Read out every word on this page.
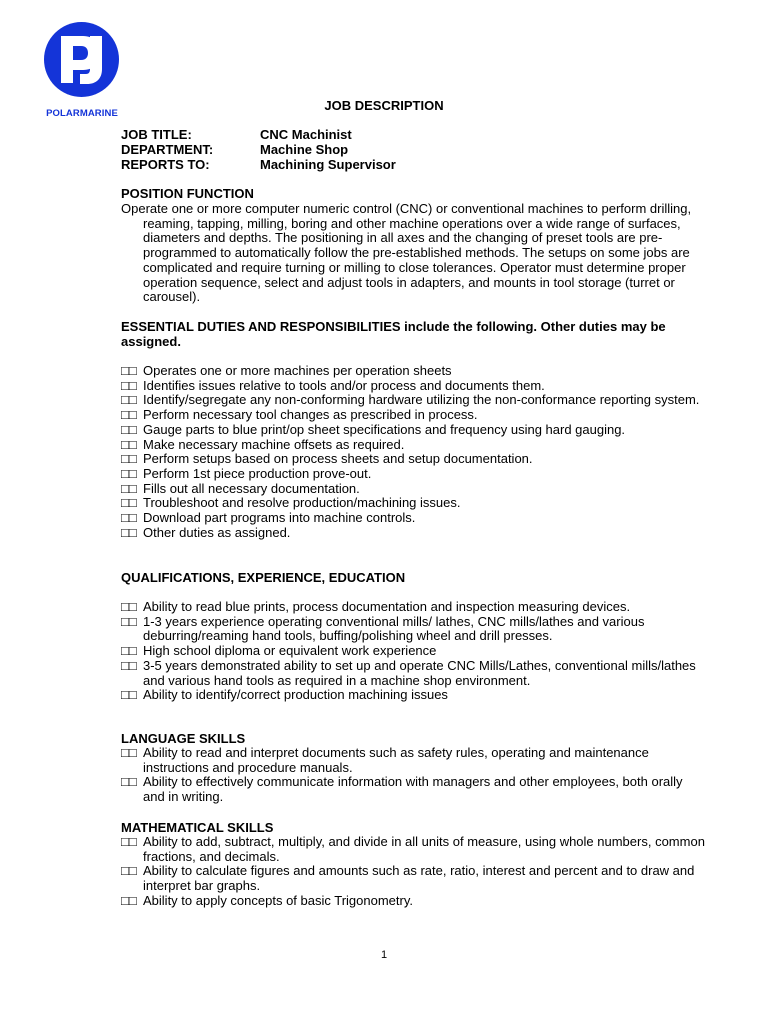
POLARMARINE
JOB DESCRIPTION
JOB TITLE:	CNC Machinist
DEPARTMENT:	Machine Shop
REPORTS TO:	Machining Supervisor
POSITION FUNCTION
Operate one or more computer numeric control (CNC) or conventional machines to perform drilling, reaming, tapping, milling, boring and other machine operations over a wide range of surfaces, diameters and depths. The positioning in all axes and the changing of preset tools are pre-programmed to automatically follow the pre-established methods. The setups on some jobs are complicated and require turning or milling to close tolerances. Operator must determine proper operation sequence, select and adjust tools in adapters, and mounts in tool storage (turret or carousel).
ESSENTIAL DUTIES AND RESPONSIBILITIES include the following. Other duties may be assigned.
□□ Operates one or more machines per operation sheets
□□ Identifies issues relative to tools and/or process and documents them.
□□ Identify/segregate any non-conforming hardware utilizing the non-conformance reporting system.
□□ Perform necessary tool changes as prescribed in process.
□□ Gauge parts to blue print/op sheet specifications and frequency using hard gauging.
□□ Make necessary machine offsets as required.
□□ Perform setups based on process sheets and setup documentation.
□□ Perform 1st piece production prove-out.
□□ Fills out all necessary documentation.
□□ Troubleshoot and resolve production/machining issues.
□□ Download part programs into machine controls.
□□ Other duties as assigned.
QUALIFICATIONS, EXPERIENCE, EDUCATION
□□ Ability to read blue prints, process documentation and inspection measuring devices.
□□ 1-3 years experience operating conventional mills/ lathes, CNC mills/lathes and various deburring/reaming hand tools, buffing/polishing wheel and drill presses.
□□ High school diploma or equivalent work experience
□□ 3-5 years demonstrated ability to set up and operate CNC Mills/Lathes, conventional mills/lathes and various hand tools as required in a machine shop environment.
□□ Ability to identify/correct production machining issues
LANGUAGE SKILLS
□□ Ability to read and interpret documents such as safety rules, operating and maintenance instructions and procedure manuals.
□□ Ability to effectively communicate information with managers and other employees, both orally and in writing.
MATHEMATICAL SKILLS
□□ Ability to add, subtract, multiply, and divide in all units of measure, using whole numbers, common fractions, and decimals.
□□ Ability to calculate figures and amounts such as rate, ratio, interest and percent and to draw and interpret bar graphs.
□□ Ability to apply concepts of basic Trigonometry.
1
